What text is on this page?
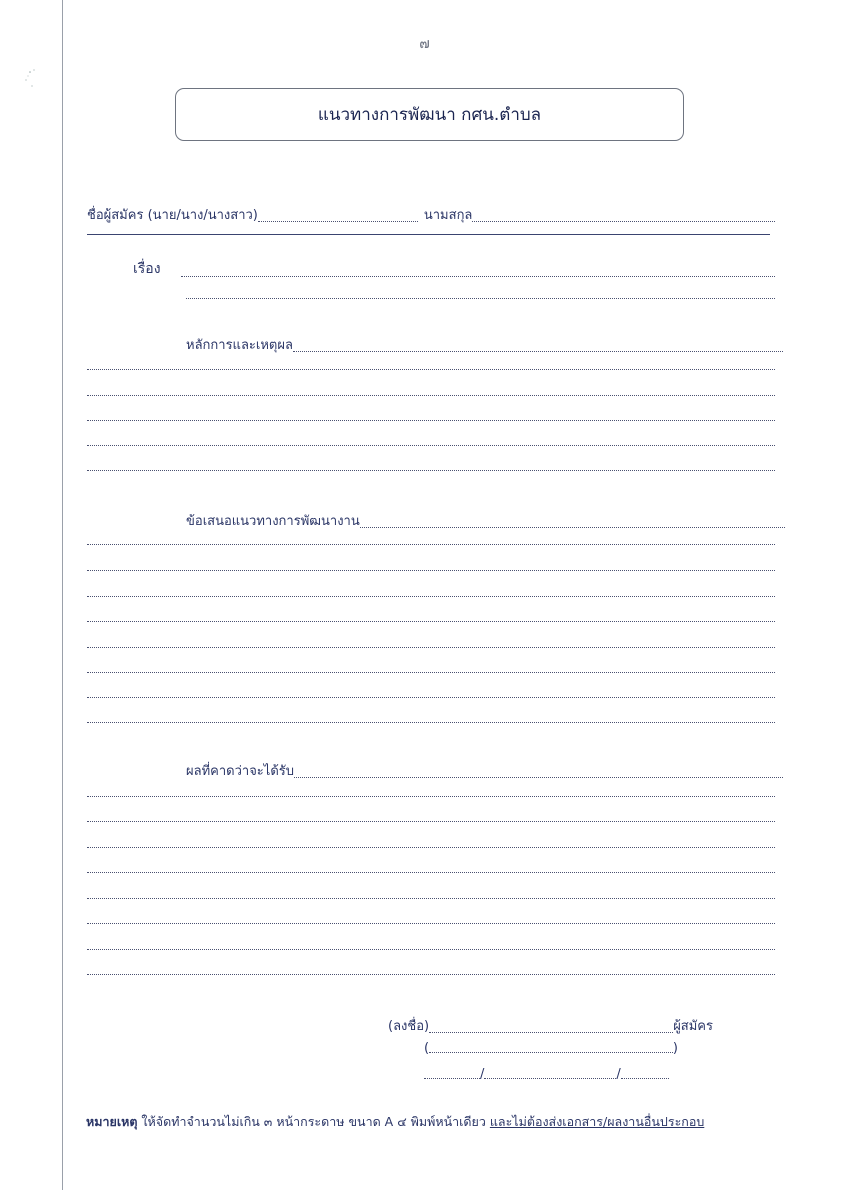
๗
แนวทางการพัฒนา กศน.ตำบล
ชื่อผู้สมัคร (นาย/นาง/นางสาว)	นามสกุล
เรื่อง
หลักการและเหตุผล
ข้อเสนอแนวทางการพัฒนางาน
ผลที่คาดว่าจะได้รับ
(ลงชื่อ)	ผู้สมัคร
(	)
/	/
หมายเหตุ ให้จัดทำจำนวนไม่เกิน ๓ หน้ากระดาษ ขนาด A ๔ พิมพ์หน้าเดียว และไม่ต้องส่งเอกสาร/ผลงานอื่นประกอบ
